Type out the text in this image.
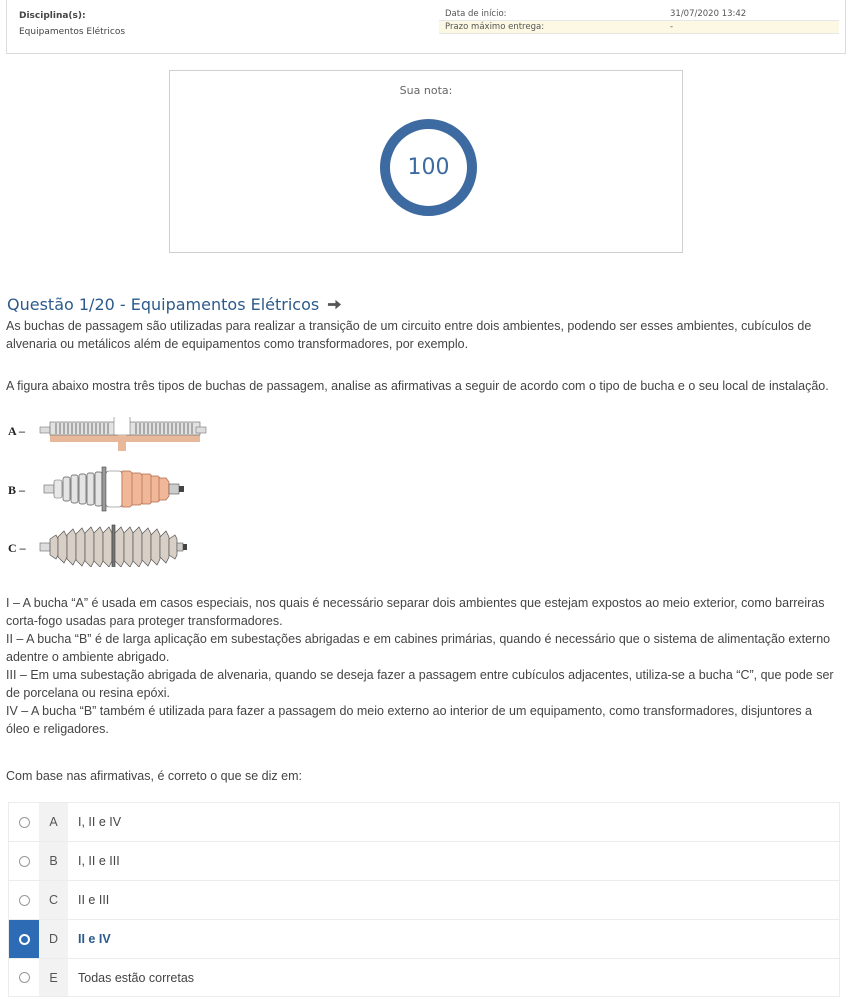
Disciplina(s):
Equipamentos Elétricos
Data de início:	31/07/2020 13:42
Prazo máximo entrega:	-
Sua nota:
100
Questão 1/20 - Equipamentos Elétricos
As buchas de passagem são utilizadas para realizar a transição de um circuito entre dois ambientes, podendo ser esses ambientes, cubículos de alvenaria ou metálicos além de equipamentos como transformadores, por exemplo.
A figura abaixo mostra três tipos de buchas de passagem, analise as afirmativas a seguir de acordo com o tipo de bucha e o seu local de instalação.
A –
B –
C –
I – A bucha “A” é usada em casos especiais, nos quais é necessário separar dois ambientes que estejam expostos ao meio exterior, como barreiras corta-fogo usadas para proteger transformadores.
II – A bucha “B” é de larga aplicação em subestações abrigadas e em cabines primárias, quando é necessário que o sistema de alimentação externo adentre o ambiente abrigado.
III – Em uma subestação abrigada de alvenaria, quando se deseja fazer a passagem entre cubículos adjacentes, utiliza-se a bucha “C”, que pode ser de porcelana ou resina epóxi.
IV – A bucha “B” também é utilizada para fazer a passagem do meio externo ao interior de um equipamento, como transformadores, disjuntores a óleo e religadores.
Com base nas afirmativas, é correto o que se diz em:
A	I, II e IV
B	I, II e III
C	II e III
D	II e IV
E	Todas estão corretas
